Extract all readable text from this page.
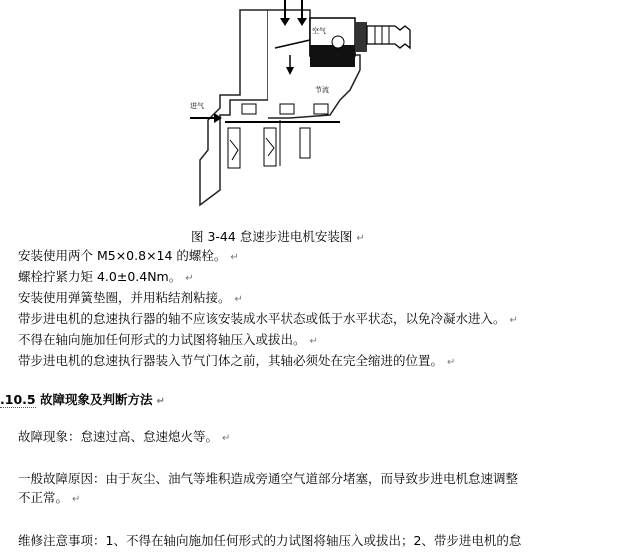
空气
节流
进气
图 3-44 怠速步进电机安装图 ↵
安装使用两个 M5×0.8×14 的螺栓。 ↵
螺栓拧紧力矩 4.0±0.4Nm。 ↵
安装使用弹簧垫圈，并用粘结剂粘接。 ↵
带步进电机的怠速执行器的轴不应该安装成水平状态或低于水平状态，以免冷凝水进入。 ↵
不得在轴向施加任何形式的力试图将轴压入或拔出。 ↵
带步进电机的怠速执行器装入节气门体之前，其轴必须处在完全缩进的位置。 ↵
.10.5 故障现象及判断方法 ↵
故障现象：怠速过高、怠速熄火等。 ↵
一般故障原因：由于灰尘、油气等堆积造成旁通空气道部分堵塞，而导致步进电机怠速调整
不正常。 ↵
维修注意事项：1、不得在轴向施加任何形式的力试图将轴压入或拔出；2、带步进电机的怠
